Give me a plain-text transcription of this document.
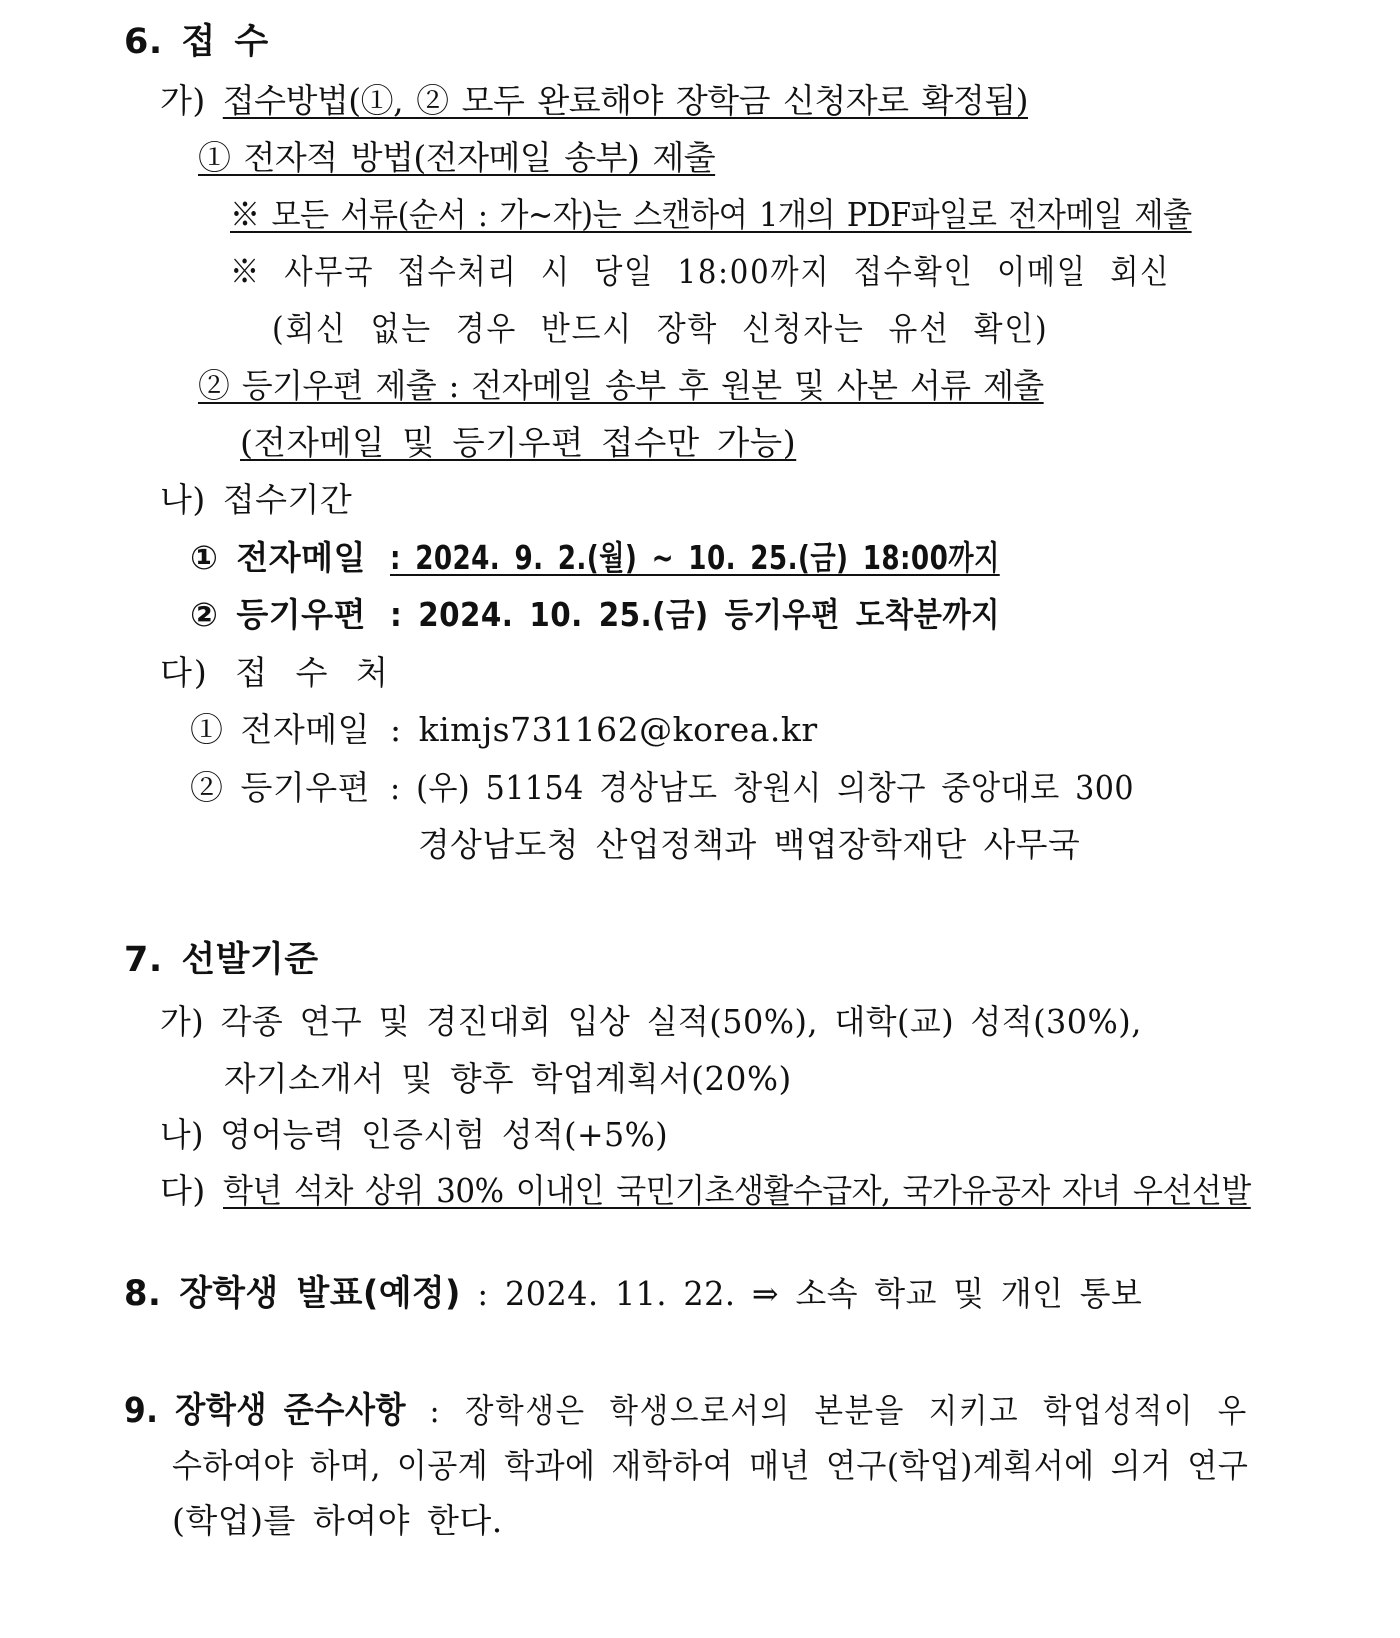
6. 접 수
가) 접수방법(①, ② 모두 완료해야 장학금 신청자로 확정됨)
① 전자적 방법(전자메일 송부) 제출
※ 모든 서류(순서 : 가~자)는 스캔하여 1개의 PDF파일로 전자메일 제출
※ 사무국 접수처리 시 당일 18:00까지 접수확인 이메일 회신
(회신 없는 경우 반드시 장학 신청자는 유선 확인)
② 등기우편 제출 : 전자메일 송부 후 원본 및 사본 서류 제출
(전자메일 및 등기우편 접수만 가능)
나) 접수기간
① 전자메일 : 2024. 9. 2.(월) ~ 10. 25.(금) 18:00까지
② 등기우편 : 2024. 10. 25.(금) 등기우편 도착분까지
다) 접 수 처
① 전자메일 : kimjs731162@korea.kr
② 등기우편 : (우) 51154 경상남도 창원시 의창구 중앙대로 300
경상남도청 산업정책과 백엽장학재단 사무국
7. 선발기준
가) 각종 연구 및 경진대회 입상 실적(50%), 대학(교) 성적(30%),
자기소개서 및 향후 학업계획서(20%)
나) 영어능력 인증시험 성적(+5%)
다) 학년 석차 상위 30% 이내인 국민기초생활수급자, 국가유공자 자녀 우선선발
8. 장학생 발표(예정) : 2024. 11. 22. ⇒ 소속 학교 및 개인 통보
9. 장학생 준수사항 : 장학생은 학생으로서의 본분을 지키고 학업성적이 우
수하여야 하며, 이공계 학과에 재학하여 매년 연구(학업)계획서에 의거 연구
(학업)를 하여야 한다.
